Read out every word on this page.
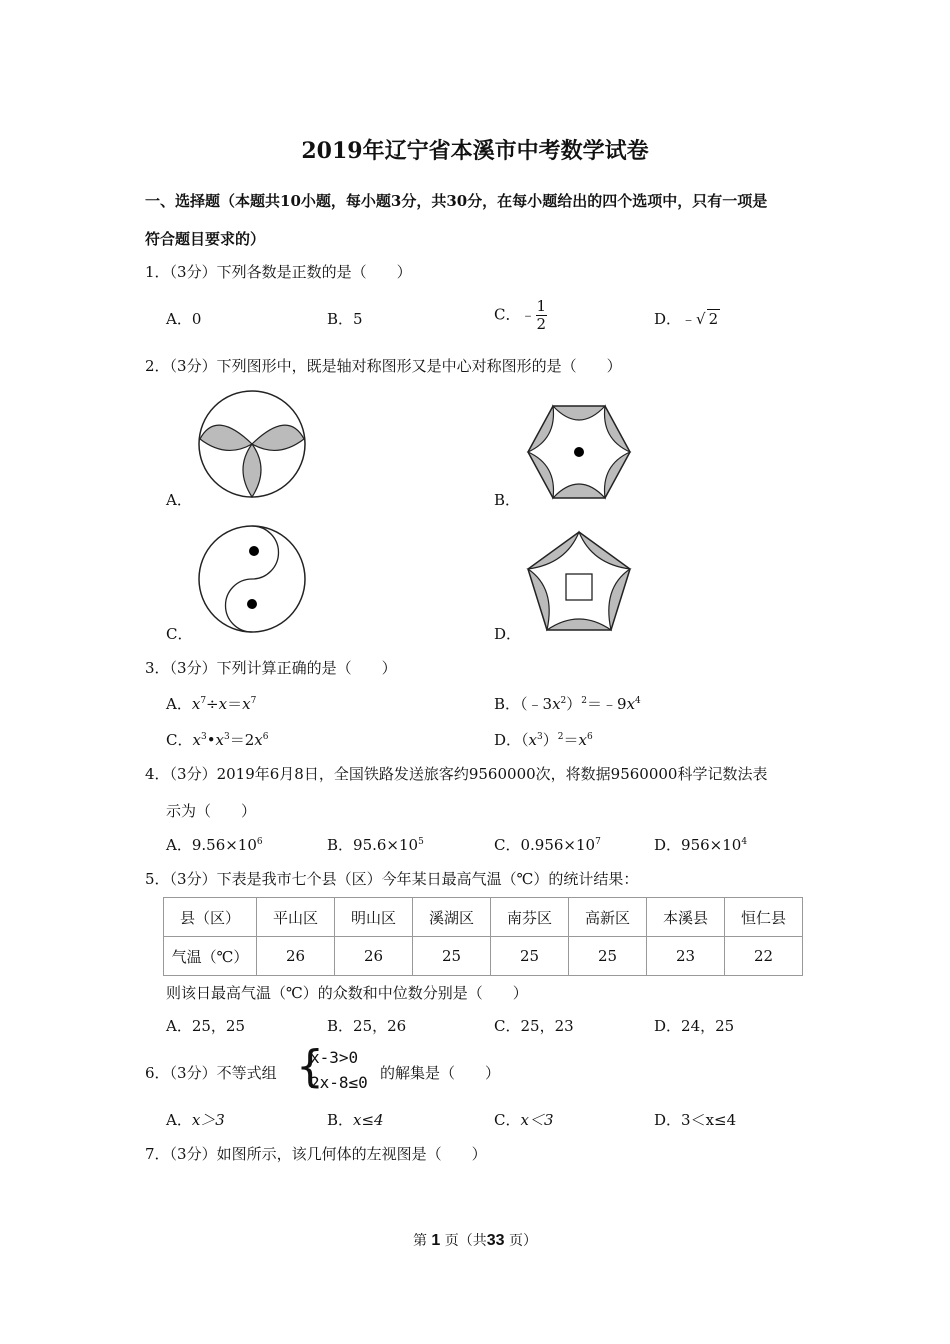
2019年辽宁省本溪市中考数学试卷
一、选择题（本题共10小题，每小题3分，共30分，在每小题给出的四个选项中，只有一项是
符合题目要求的）
1．（3分）下列各数是正数的是（　　）
A．0	B．5	C．﹣ $\frac{1}{2}$	D．﹣√ 2
2．（3分）下列图形中，既是轴对称图形又是中心对称图形的是（　　）
A．	B．
C．	D．
3．（3分）下列计算正确的是（　　）
A．$x^7\div x=x^7$	B．$(﹣3x^2)^2=﹣9x^4$
C．$x^3•x^3=2x^6$	D．$(x^3)^2=x^6$
4．（3分）2019年6月8日，全国铁路发送旅客约9560000次，将数据9560000科学记数法表
示为（　　）
A．$9.56\times 10^6$	B．$95.6\times 10^5$	C．$0.956\times 10^7$	D．$956\times 10^4$
5．（3分）下表是我市七个县（区）今年某日最高气温（℃）的统计结果：
县（区）	平山区	明山区	溪湖区	南芬区	高新区	本溪县	恒仁县
气温（℃）	26	26	25	25	25	23	22
则该日最高气温（℃）的众数和中位数分别是（　　）
A．25，25	B．25，26	C．25，23	D．24，25
6．（3分）不等式组 {
x-3>0
2x-8≤0 的解集是（　　）
A．x＞3	B．x≤4	C．x＜3	D．3＜x≤4
7．（3分）如图所示，该几何体的左视图是（　　）
第 1 页（共33 页）
